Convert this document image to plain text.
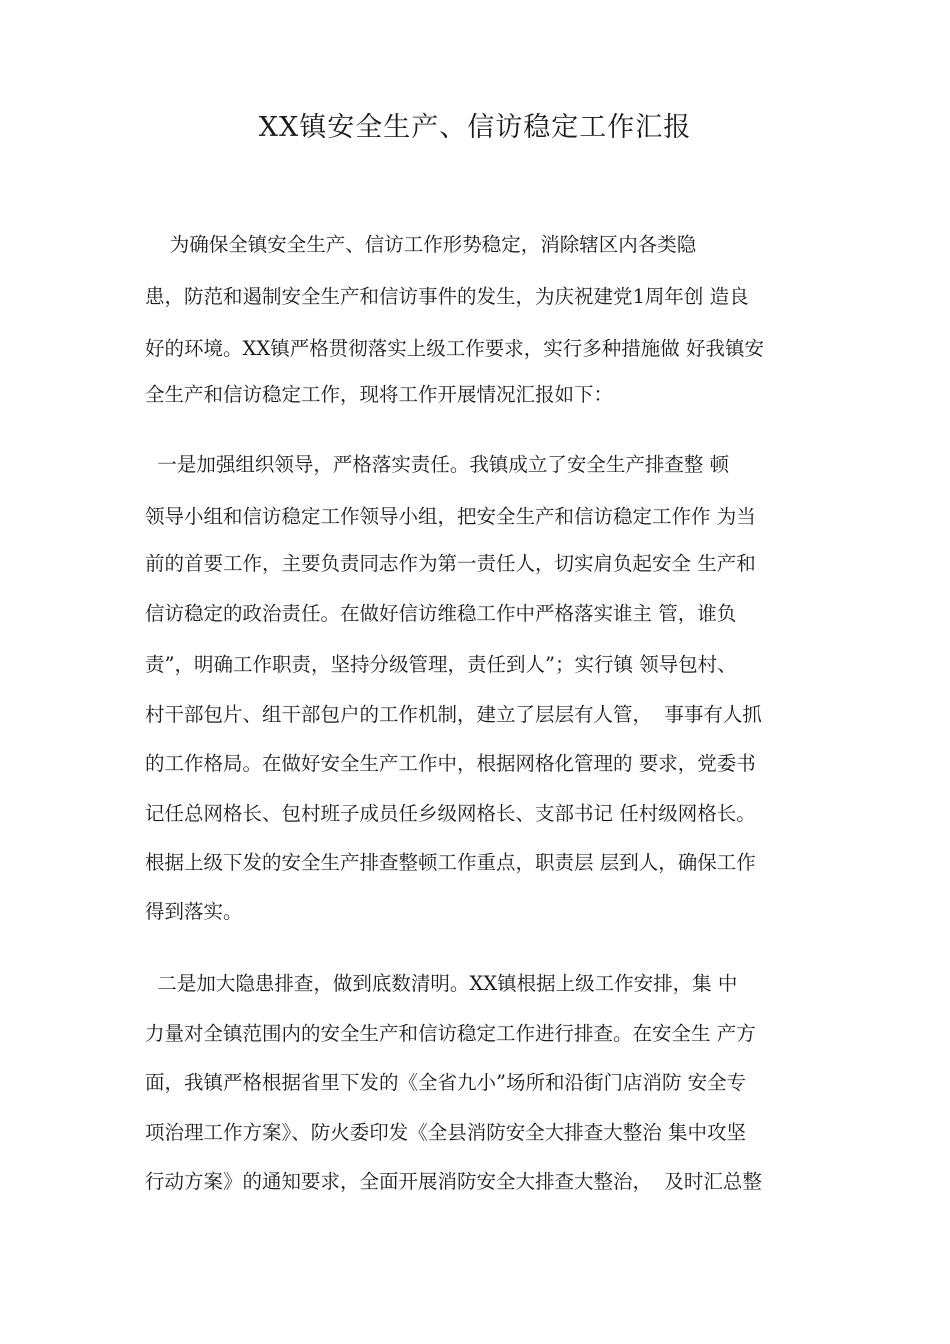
XX镇安全生产、信访稳定工作汇报

为确保全镇安全生产、信访工作形势稳定，消除辖区内各类隐

患，防范和遏制安全生产和信访事件的发生，为庆祝建党1周年创 造良

好的环境。XX镇严格贯彻落实上级工作要求，实行多种措施做 好我镇安

全生产和信访稳定工作，现将工作开展情况汇报如下：

一是加强组织领导，严格落实责任。我镇成立了安全生产排查整 顿

领导小组和信访稳定工作领导小组，把安全生产和信访稳定工作作 为当

前的首要工作，主要负责同志作为第一责任人，切实肩负起安全 生产和

信访稳定的政治责任。在做好信访维稳工作中严格落实谁主 管，谁负

责”，明确工作职责，坚持分级管理，责任到人”；实行镇 领导包村、

村干部包片、组干部包户的工作机制，建立了层层有人管，  事事有人抓

的工作格局。在做好安全生产工作中，根据网格化管理的 要求，党委书

记任总网格长、包村班子成员任乡级网格长、支部书记 任村级网格长。

根据上级下发的安全生产排查整顿工作重点，职责层 层到人，确保工作

得到落实。

二是加大隐患排查，做到底数清明。XX镇根据上级工作安排，集 中

力量对全镇范围内的安全生产和信访稳定工作进行排查。在安全生 产方

面，我镇严格根据省里下发的《全省九小”场所和沿街门店消防 安全专

项治理工作方案》、防火委印发《全县消防安全大排查大整治 集中攻坚

行动方案》的通知要求，全面开展消防安全大排查大整治，  及时汇总整
